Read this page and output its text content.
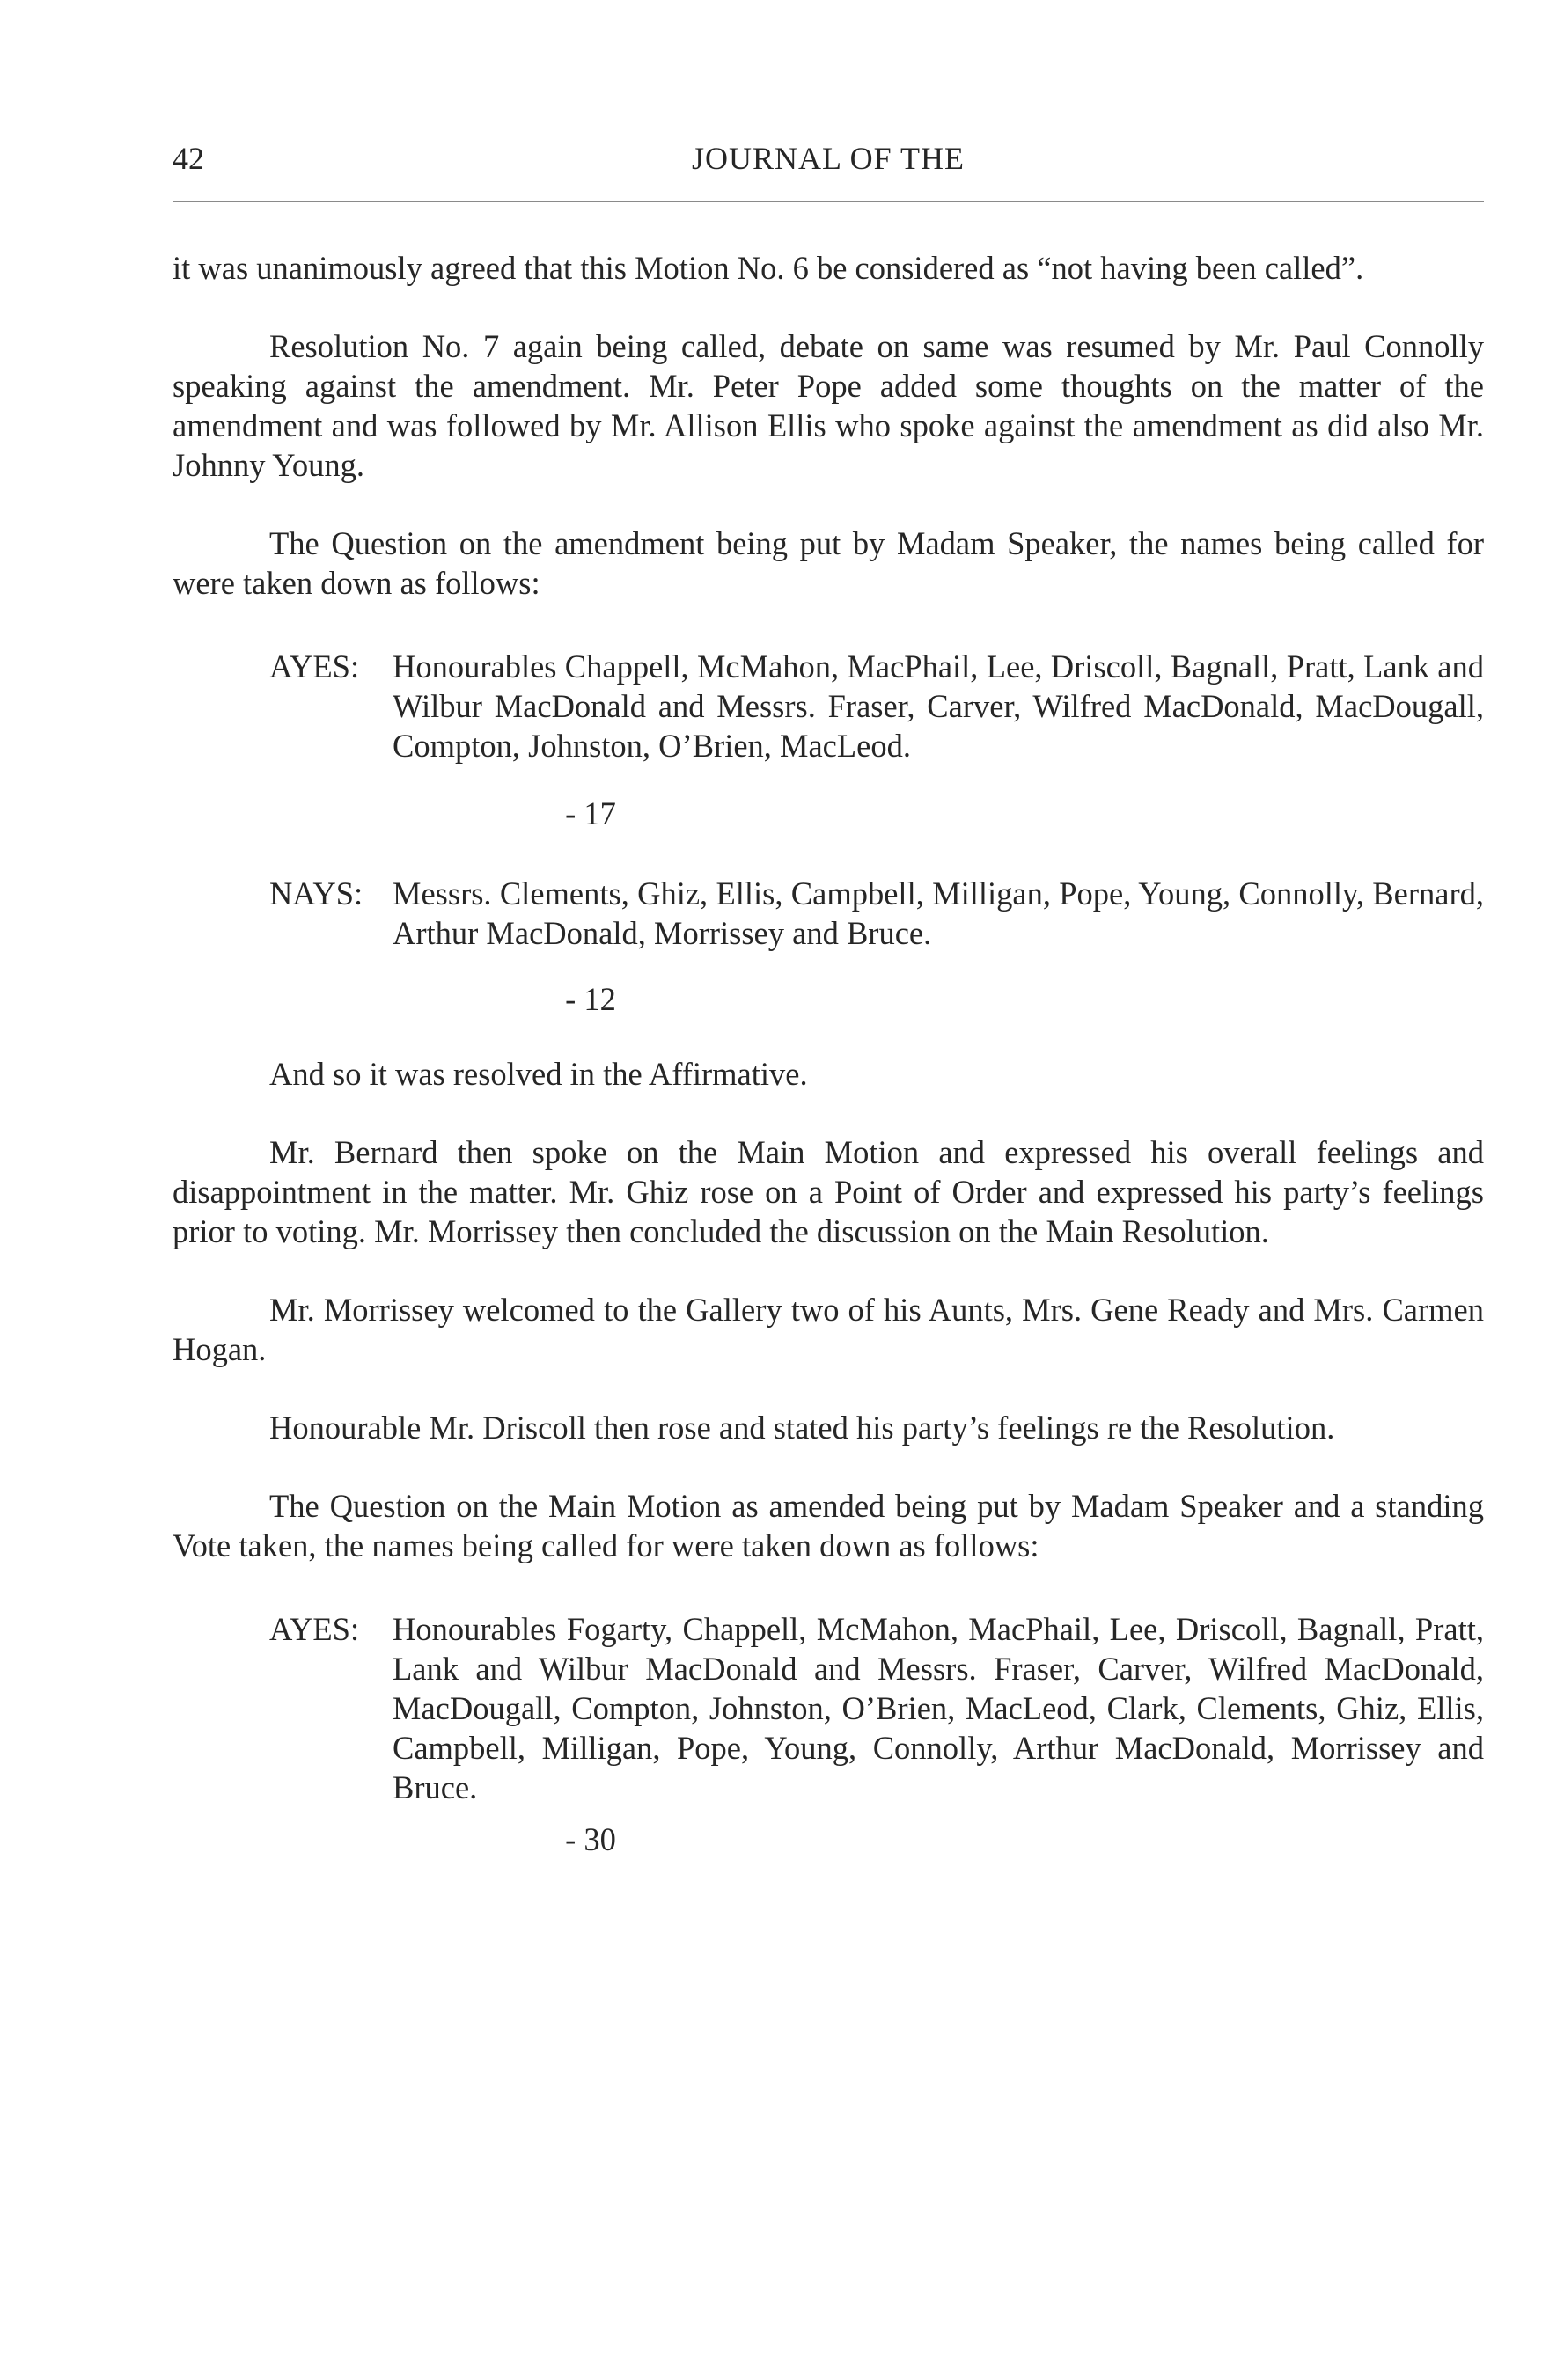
42	JOURNAL OF THE

it was unanimously agreed that this Motion No. 6 be considered as “not having been called”.

Resolution No. 7 again being called, debate on same was resumed by Mr. Paul Connolly speaking against the amendment. Mr. Peter Pope added some thoughts on the matter of the amendment and was followed by Mr. Allison Ellis who spoke against the amendment as did also Mr. Johnny Young.

The Question on the amendment being put by Madam Speaker, the names being called for were taken down as follows:

AYES:	Honourables Chappell, McMahon, MacPhail, Lee, Driscoll, Bagnall, Pratt, Lank and Wilbur MacDonald and Messrs. Fraser, Carver, Wilfred MacDonald, MacDougall, Compton, Johnston, O’Brien, MacLeod.
- 17
NAYS: Messrs. Clements, Ghiz, Ellis, Campbell, Milligan, Pope, Young, Connolly, Bernard, Arthur MacDonald, Morrissey and Bruce.
- 12

And so it was resolved in the Affirmative.

Mr. Bernard then spoke on the Main Motion and expressed his overall feelings and disappointment in the matter. Mr. Ghiz rose on a Point of Order and expressed his party’s feelings prior to voting. Mr. Morrissey then concluded the discussion on the Main Resolution.

Mr. Morrissey welcomed to the Gallery two of his Aunts, Mrs. Gene Ready and Mrs. Carmen Hogan.

Honourable Mr. Driscoll then rose and stated his party’s feelings re the Resolution.

The Question on the Main Motion as amended being put by Madam Speaker and a standing Vote taken, the names being called for were taken down as follows:

AYES:	Honourables Fogarty, Chappell, McMahon, MacPhail, Lee, Driscoll, Bagnall, Pratt, Lank and Wilbur MacDonald and Messrs. Fraser, Carver, Wilfred MacDonald, MacDougall, Compton, Johnston, O’Brien, MacLeod, Clark, Clements, Ghiz, Ellis, Campbell, Milligan, Pope, Young, Connolly, Arthur MacDonald, Morrissey and Bruce.
- 30
